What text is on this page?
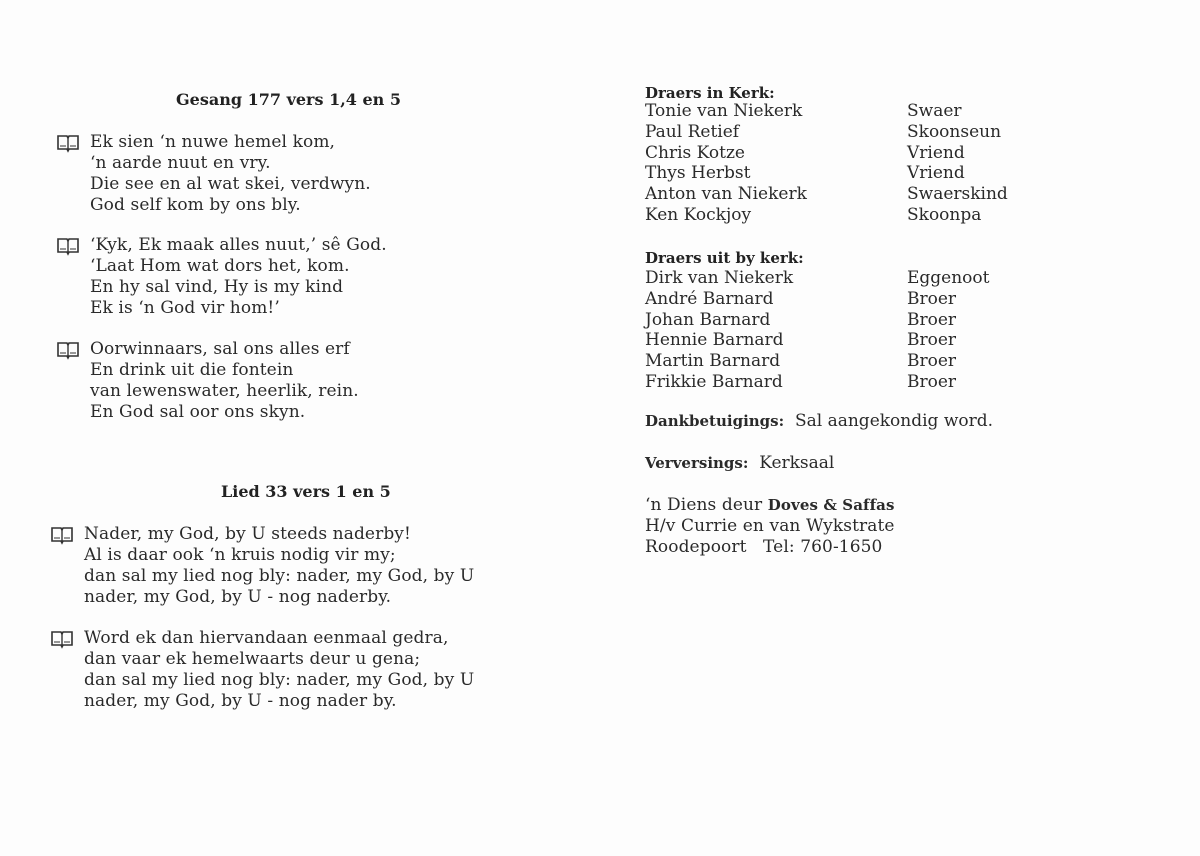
Gesang 177 vers 1,4 en 5
Ek sien ‘n nuwe hemel kom,
‘n aarde nuut en vry.
Die see en al wat skei, verdwyn.
God self kom by ons bly.
‘Kyk, Ek maak alles nuut,’ sê God.
‘Laat Hom wat dors het, kom.
En hy sal vind, Hy is my kind
Ek is ‘n God vir hom!’
Oorwinnaars, sal ons alles erf
En drink uit die fontein
van lewenswater, heerlik, rein.
En God sal oor ons skyn.
Lied 33 vers 1 en 5
Nader, my God, by U steeds naderby!
Al is daar ook ‘n kruis nodig vir my;
dan sal my lied nog bly: nader, my God, by U
nader, my God, by U - nog naderby.
Word ek dan hiervandaan eenmaal gedra,
dan vaar ek hemelwaarts deur u gena;
dan sal my lied nog bly: nader, my God, by U
nader, my God, by U - nog nader by.
Draers in Kerk:
Tonie van Niekerk	Swaer
Paul Retief	Skoonseun
Chris Kotze	Vriend
Thys Herbst	Vriend
Anton van Niekerk	Swaerskind
Ken Kockjoy	Skoonpa
Draers uit by kerk:
Dirk van Niekerk	Eggenoot
André Barnard	Broer
Johan Barnard	Broer
Hennie Barnard	Broer
Martin Barnard	Broer
Frikkie Barnard	Broer
Dankbetuigings: Sal aangekondig word.
Verversings: Kerksaal
‘n Diens deur Doves & Saffas
H/v Currie en van Wykstrate
Roodepoort Tel: 760-1650
